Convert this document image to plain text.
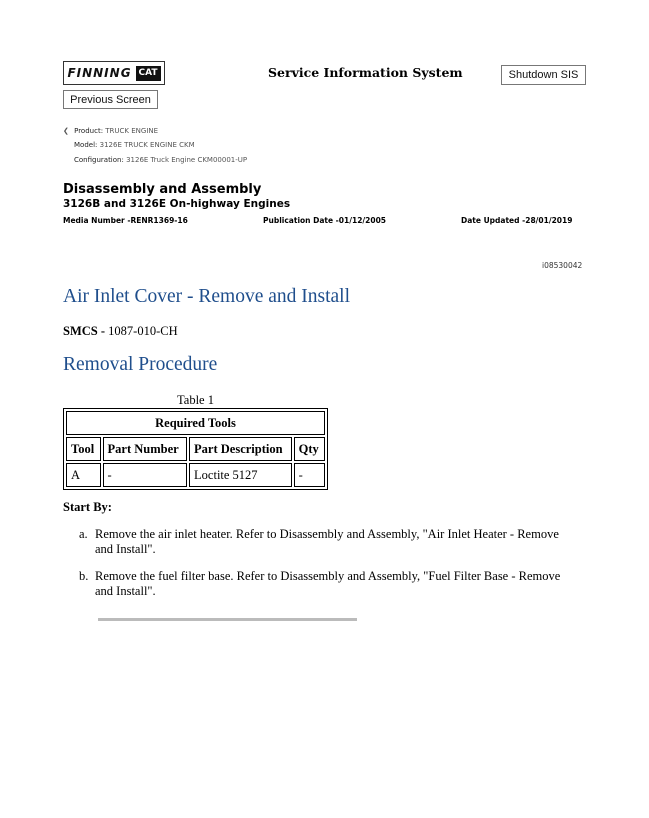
FINNING CAT	Service Information System	Shutdown SIS
Previous Screen
❮ Product: TRUCK ENGINE
Model: 3126E TRUCK ENGINE CKM
Configuration: 3126E Truck Engine CKM00001-UP
Disassembly and Assembly
3126B and 3126E On-highway Engines
Media Number -RENR1369-16	Publication Date -01/12/2005	Date Updated -28/01/2019
i08530042
Air Inlet Cover - Remove and Install
SMCS - 1087-010-CH
Removal Procedure
Table 1
Required Tools			
Tool	Part Number	Part Description	Qty
A	-	Loctite 5127	-
Start By:
a. Remove the air inlet heater. Refer to Disassembly and Assembly, "Air Inlet Heater - Remove and Install".
b. Remove the fuel filter base. Refer to Disassembly and Assembly, "Fuel Filter Base - Remove and Install".
